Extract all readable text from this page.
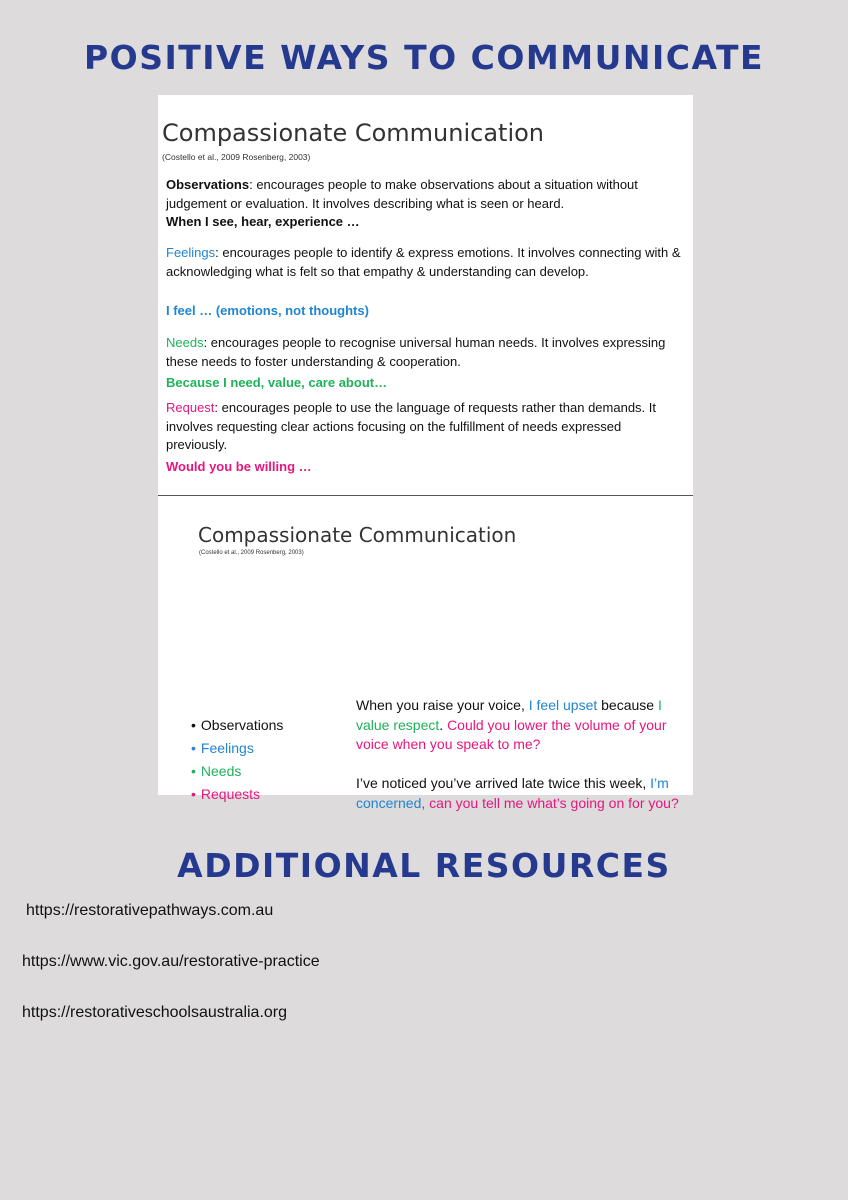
POSITIVE WAYS TO COMMUNICATE
Compassionate Communication
(Costello et al., 2009 Rosenberg, 2003)

Observations: encourages people to make observations about a situation without judgement or evaluation. It involves describing what is seen or heard.

When I see, hear, experience …

Feelings: encourages people to identify & express emotions. It involves connecting with & acknowledging what is felt so that empathy & understanding can develop.

I feel … (emotions, not thoughts)

Needs: encourages people to recognise universal human needs. It involves expressing these needs to foster understanding & cooperation.

Because I need, value, care about…

Request: encourages people to use the language of requests rather than demands. It involves requesting clear actions focusing on the fulfillment of needs expressed previously.

Would you be willing …

Compassionate Communication
(Costello et al., 2009 Rosenberg, 2003)
• Observations
• Feelings
• Needs
• Requests

When you raise your voice, I feel upset because I value respect. Could you lower the volume of your voice when you speak to me?

I’ve noticed you’ve arrived late twice this week, I’m concerned, can you tell me what’s going on for you?

ADDITIONAL RESOURCES
https://restorativepathways.com.au
https://www.vic.gov.au/restorative-practice
https://restorativeschoolsaustralia.org
